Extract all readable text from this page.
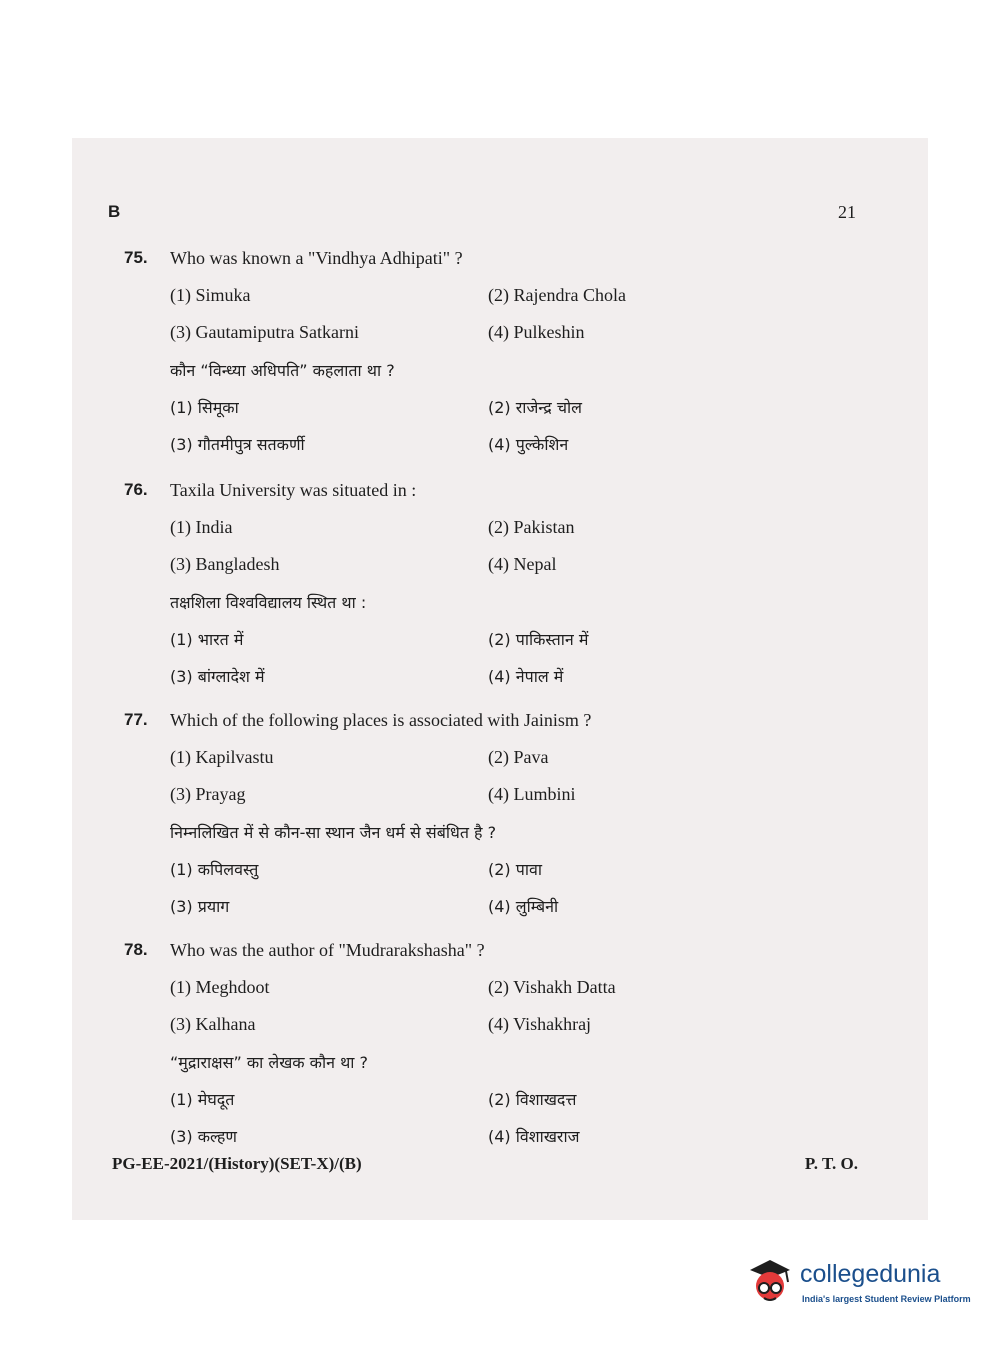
B	21
75. Who was known a "Vindhya Adhipati" ?
(1) Simuka	(2) Rajendra Chola
(3) Gautamiputra Satkarni	(4) Pulkeshin
कौन “विन्ध्या अधिपति” कहलाता था ?
(1) सिमूका	(2) राजेन्द्र चोल
(3) गौतमीपुत्र सतकर्णी	(4) पुल्केशिन
76. Taxila University was situated in :
(1) India	(2) Pakistan
(3) Bangladesh	(4) Nepal
तक्षशिला विश्वविद्यालय स्थित था :
(1) भारत में	(2) पाकिस्तान में
(3) बांग्लादेश में	(4) नेपाल में
77. Which of the following places is associated with Jainism ?
(1) Kapilvastu	(2) Pava
(3) Prayag	(4) Lumbini
निम्नलिखित में से कौन-सा स्थान जैन धर्म से संबंधित है ?
(1) कपिलवस्तु	(2) पावा
(3) प्रयाग	(4) लुम्बिनी
78. Who was the author of "Mudrarakshasha" ?
(1) Meghdoot	(2) Vishakh Datta
(3) Kalhana	(4) Vishakhraj
“मुद्राराक्षस” का लेखक कौन था ?
(1) मेघदूत	(2) विशाखदत्त
(3) कल्हण	(4) विशाखराज
PG-EE-2021/(History)(SET-X)/(B)	P. T. O.
collegedunia
India's largest Student Review Platform
